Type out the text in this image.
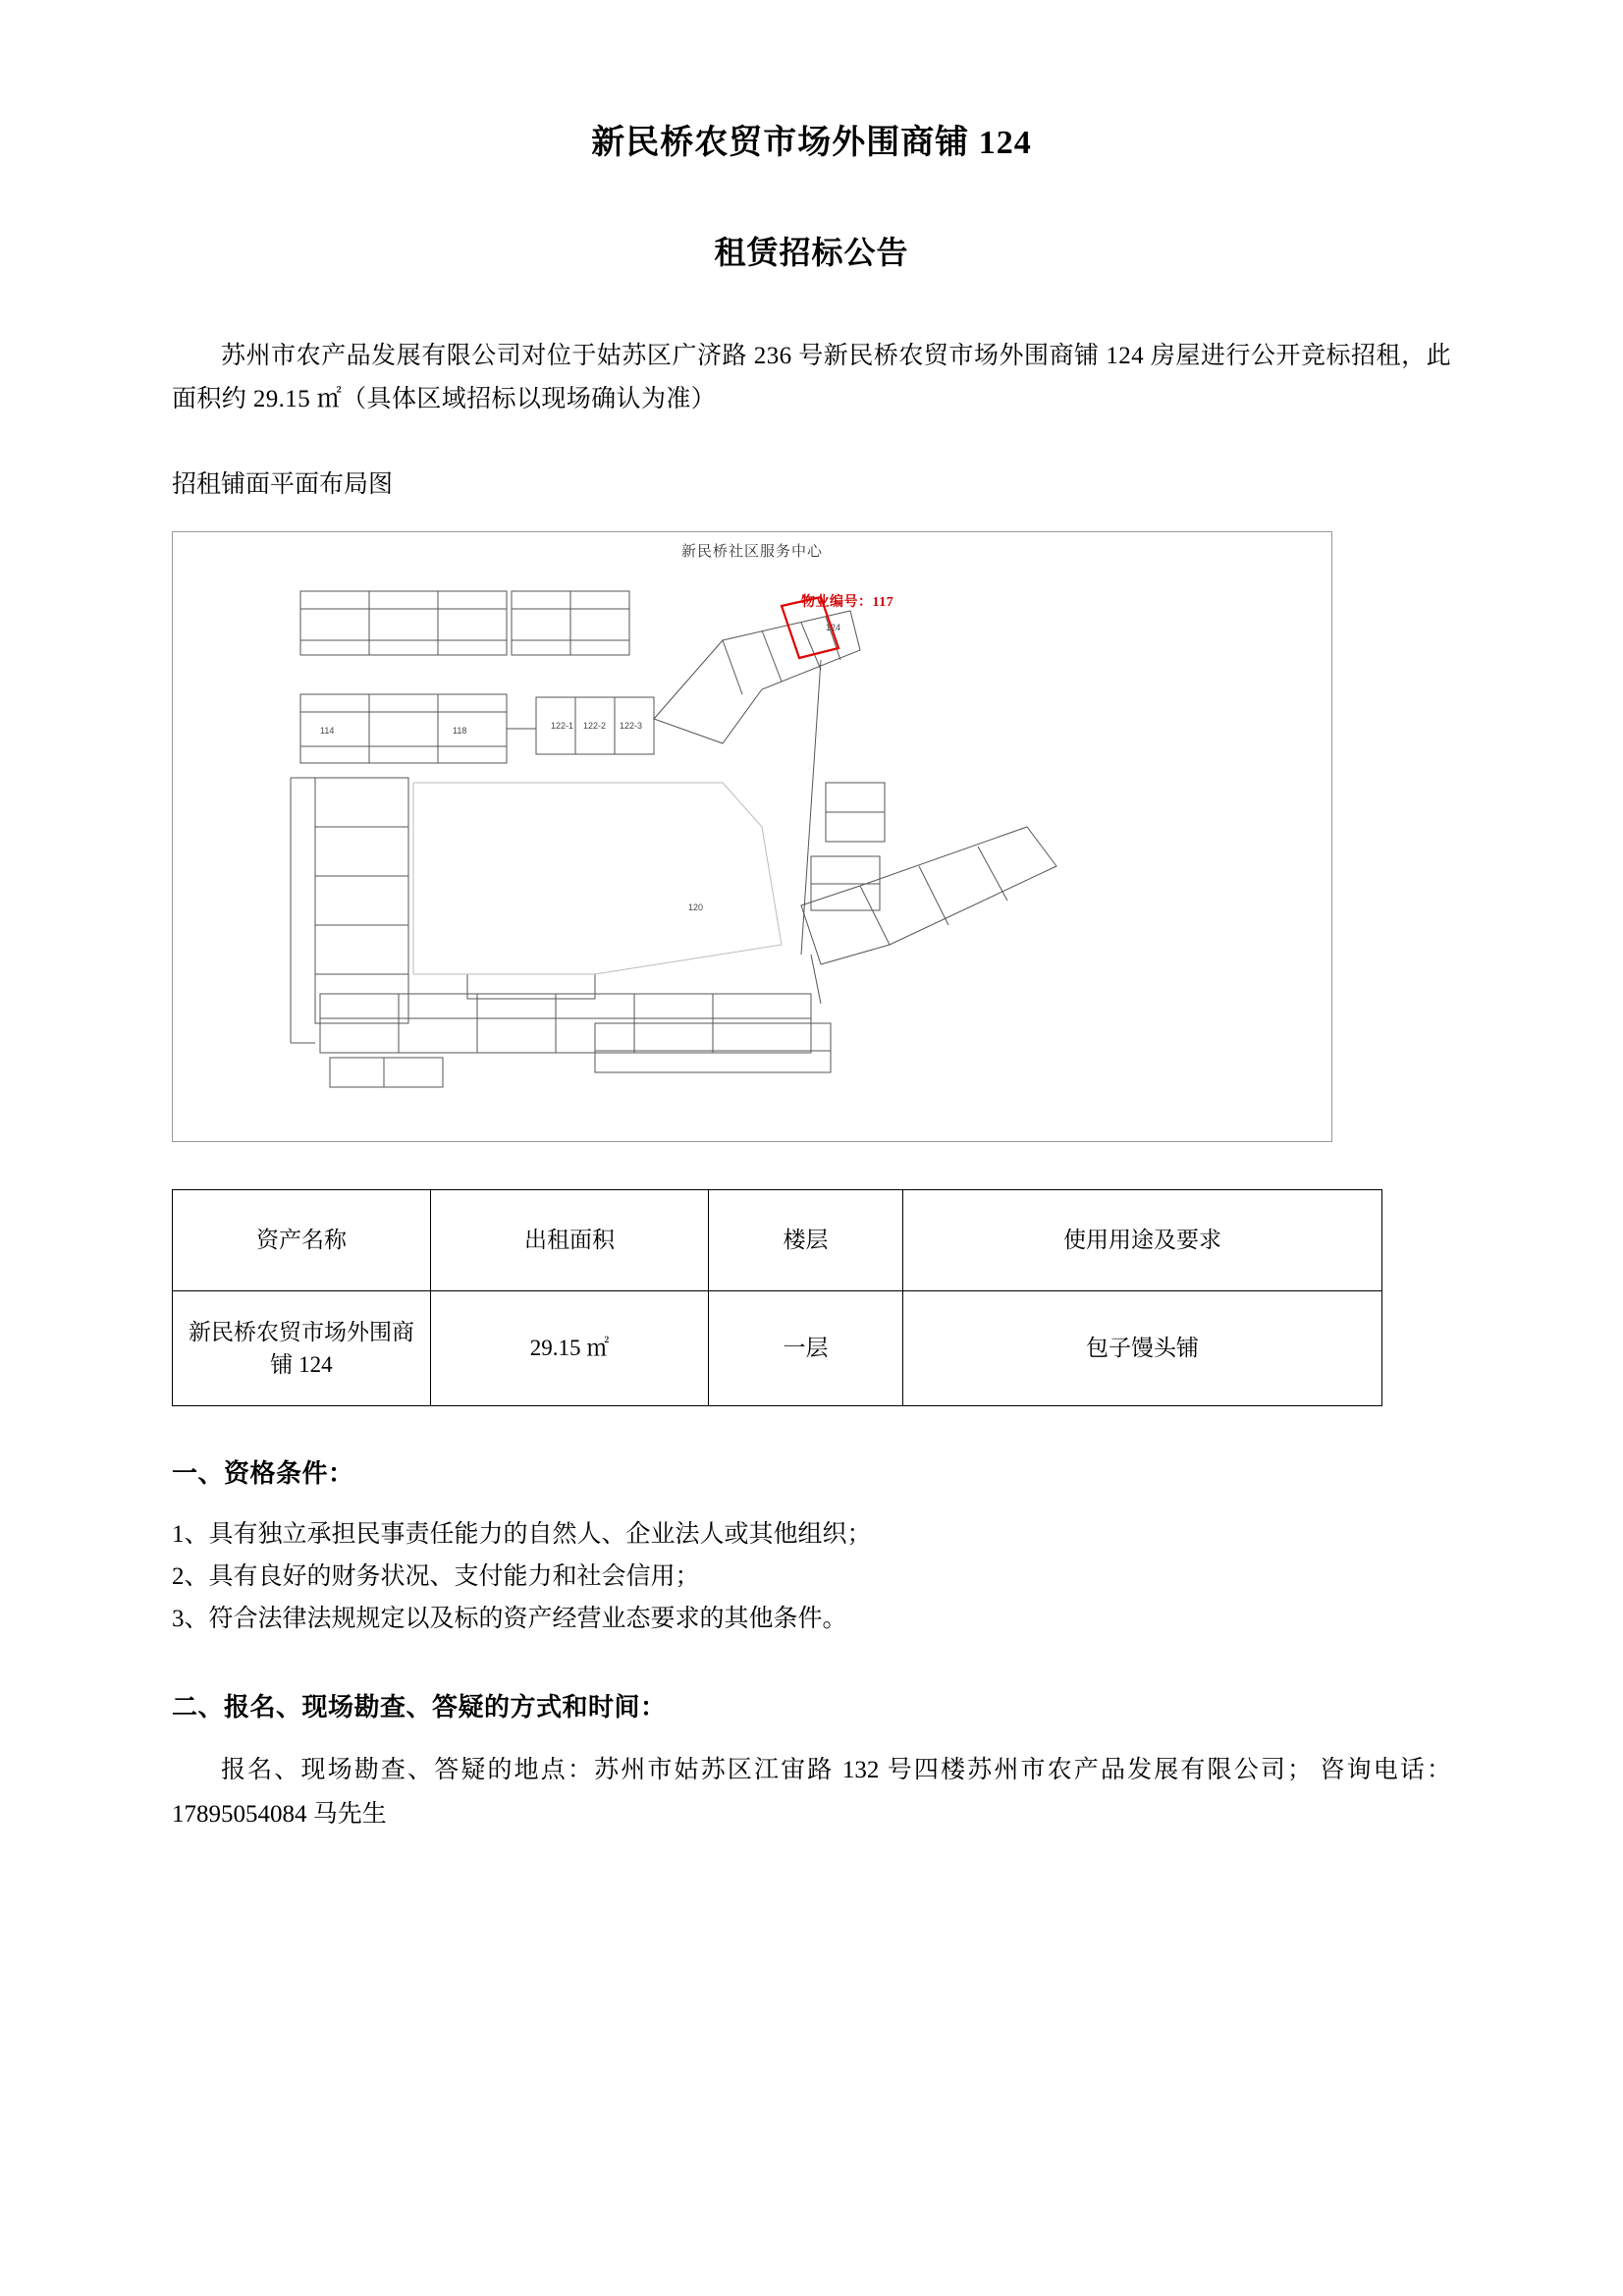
新民桥农贸市场外围商铺 124
租赁招标公告

苏州市农产品发展有限公司对位于姑苏区广济路 236 号新民桥农贸市场外围商铺 124 房屋进行公开竞标招租，此面积约 29.15 ㎡（具体区域招标以现场确认为准）

招租铺面平面布局图

新民桥社区服务中心
物业编号：117
122-1 122-2 122-3
114	118
120
124
资产名称	出租面积	楼层	使用用途及要求
新民桥农贸市场外围商铺 124	29.15 ㎡	一层	包子馒头铺

一、资格条件：

1、具有独立承担民事责任能力的自然人、企业法人或其他组织；

2、具有良好的财务状况、支付能力和社会信用；

3、符合法律法规规定以及标的资产经营业态要求的其他条件。

二、报名、现场勘查、答疑的方式和时间：

报名、现场勘查、答疑的地点：苏州市姑苏区江宙路 132 号四楼苏州市农产品发展有限公司； 咨询电话：17895054084 马先生
